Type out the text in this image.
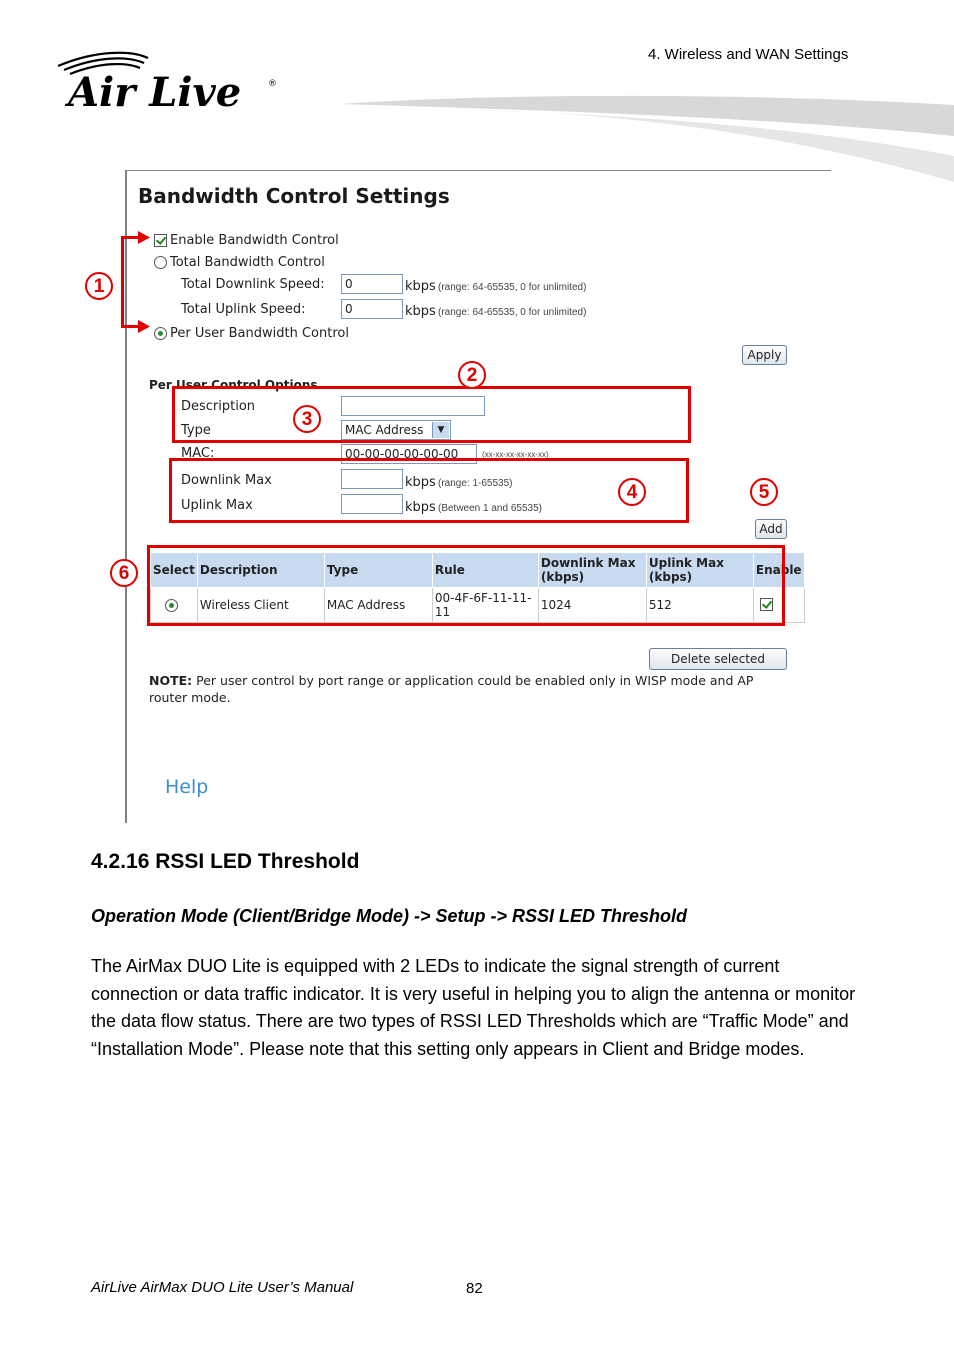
4. Wireless and WAN Settings
Air Live	®
Bandwidth Control Settings
Enable Bandwidth Control
Total Bandwidth Control
Total Downlink Speed:
0	kbps (range: 64-65535, 0 for unlimited)
Total Uplink Speed:
0	kbps (range: 64-65535, 0 for unlimited)
Per User Bandwidth Control
Apply
Per User Control Options
Description
Type	MAC Address	▼
MAC:
00-00-00-00-00-00	(xx-xx-xx-xx-xx-xx)
Downlink Max	kbps (range: 1-65535)
Uplink Max	kbps (Between 1 and 65535)
Add
Select	Description	Type	Rule	Downlink Max (kbps)	Uplink Max (kbps)	Enable

	Wireless Client	MAC Address	00-4F-6F-11-11-11	1024	512	
Delete selected
NOTE: Per user control by port range or application could be enabled only in WISP mode and AP router mode.
Help
1
2
3
4	5
6
4.2.16 RSSI LED Threshold
Operation Mode (Client/Bridge Mode) -> Setup -> RSSI LED Threshold
The AirMax DUO Lite is equipped with 2 LEDs to indicate the signal strength of current connection or data traffic indicator. It is very useful in helping you to align the antenna or monitor the data flow status. There are two types of RSSI LED Thresholds which are “Traffic Mode” and “Installation Mode”. Please note that this setting only appears in Client and Bridge modes.
AirLive AirMax DUO Lite User’s Manual	82
